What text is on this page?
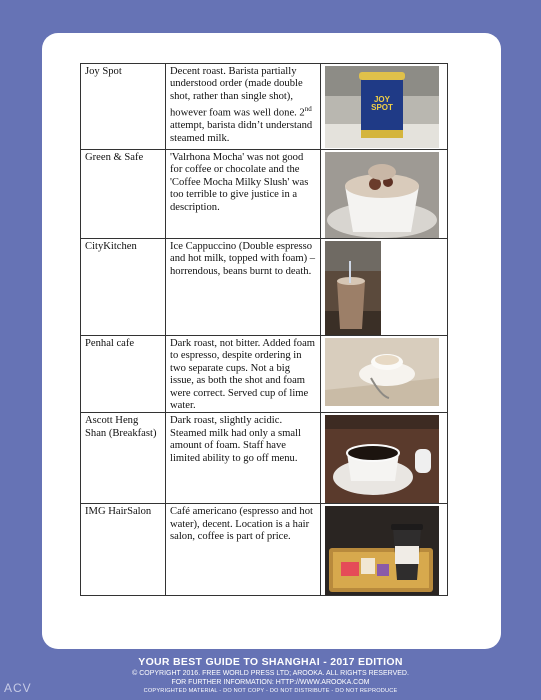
Joy Spot	Decent roast. Barista partially understood order (made double shot, rather than single shot), however foam was well done. 2nd attempt, barista didn’t understand steamed milk.	JOY
SPOT

Green & Safe	'Valrhona Mocha' was not good for coffee or chocolate and the 'Coffee Mocha Milky Slush' was too terrible to give justice in a description.	

CityKitchen	Ice Cappuccino (Double espresso and hot milk, topped with foam) – horrendous, beans burnt to death.	

Penhal cafe	Dark roast, not bitter. Added foam to espresso, despite ordering in two separate cups. Not a big issue, as both the shot and foam were correct. Served cup of lime water.	

Ascott Heng Shan (Breakfast)	Dark roast, slightly acidic. Steamed milk had only a small amount of foam. Staff have limited ability to go off menu.	

IMG HairSalon	Café americano (espresso and hot water), decent. Location is a hair salon, coffee is part of price.	
YOUR BEST GUIDE TO SHANGHAI - 2017 EDITION
© COPYRIGHT 2016. FREE WORLD PRESS LTD; AROOKA. ALL RIGHTS RESERVED.
FOR FURTHER INFORMATION: HTTP://WWW.AROOKA.COM
COPYRIGHTED MATERIAL - DO NOT COPY - DO NOT DISTRIBUTE - DO NOT REPRODUCE
ACV
